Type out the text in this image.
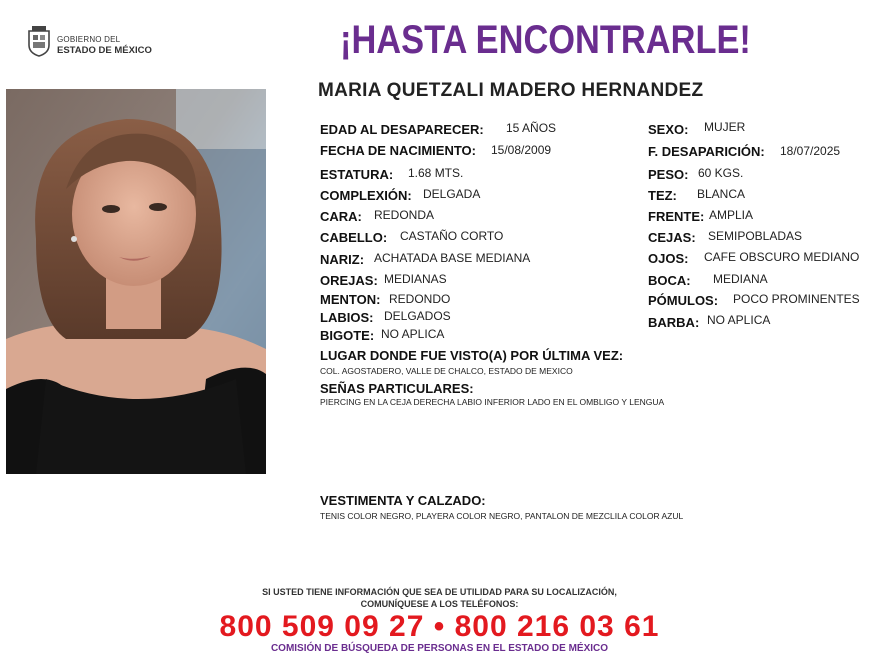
GOBIERNO DEL
ESTADO DE MÉXICO	¡HASTA ENCONTRARLE!
MARIA QUETZALI MADERO HERNANDEZ
EDAD AL DESAPARECER: 15 AÑOS
FECHA DE NACIMIENTO: 15/08/2009
ESTATURA: 1.68 MTS.
COMPLEXIÓN: DELGADA
CARA: REDONDA
CABELLO: CASTAÑO CORTO
NARIZ: ACHATADA BASE MEDIANA
OREJAS: MEDIANAS
MENTON: REDONDO
LABIOS: DELGADOS
BIGOTE: NO APLICA
SEXO: MUJER
F. DESAPARICIÓN: 18/07/2025
PESO: 60 KGS.
TEZ: BLANCA
FRENTE: AMPLIA
CEJAS: SEMIPOBLADAS
OJOS: CAFE OBSCURO MEDIANO
BOCA: MEDIANA
PÓMULOS: POCO PROMINENTES
BARBA: NO APLICA
LUGAR DONDE FUE VISTO(A) POR ÚLTIMA VEZ:
COL. AGOSTADERO, VALLE DE CHALCO, ESTADO DE MEXICO
SEÑAS PARTICULARES:
PIERCING EN LA CEJA DERECHA LABIO INFERIOR LADO EN EL OMBLIGO Y LENGUA
VESTIMENTA Y CALZADO:
TENIS COLOR NEGRO, PLAYERA COLOR NEGRO, PANTALON DE MEZCLILA COLOR AZUL
SI USTED TIENE INFORMACIÓN QUE SEA DE UTILIDAD PARA SU LOCALIZACIÓN,
COMUNÍQUESE A LOS TELÉFONOS:
800 509 09 27 • 800 216 03 61
COMISIÓN DE BÚSQUEDA DE PERSONAS EN EL ESTADO DE MÉXICO
